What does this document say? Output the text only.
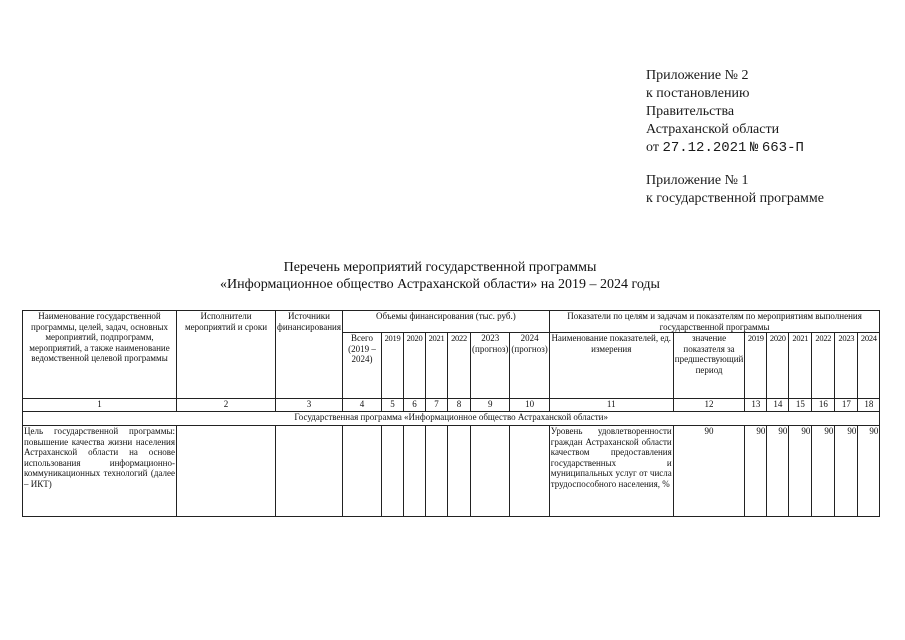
Приложение № 2
к постановлению
Правительства
Астраханской области
от 27.12.2021 № 663-П
Приложение № 1
к государственной программе
Перечень мероприятий государственной программы
«Информационное общество Астраханской области» на 2019 – 2024 годы
Наименование государственной программы, целей, задач, основных мероприятий, подпрограмм, мероприятий, а также наименование ведомственной целевой программы	Исполнители мероприятий и сроки	Источники финансирования	Объемы финансирования (тыс. руб.)							Показатели по целям и задачам и показателям по мероприятиям выполнения государственной программы							
			Всего (2019 – 2024)	2019	2020	2021	2022	2023 (прогноз)	2024 (прогноз)	Наименование показателей, ед. измерения	значение показателя за предшествующий период	2019	2020	2021	2022	2023	2024
1	2	3	4	5	6	7	8	9	10	11	12	13	14	15	16	17	18
Государственная программа «Информационное общество Астраханской области»																	
Цель государственной программы: повышение качества жизни населения Астраханской области на основе использования информационно-коммуникационных технологий (далее – ИКТ)										Уровень удовлетворенности граждан Астраханской области качеством предоставления государственных и муниципальных услуг от числа трудоспособного населения, %	90	90	90	90	90	90	90
